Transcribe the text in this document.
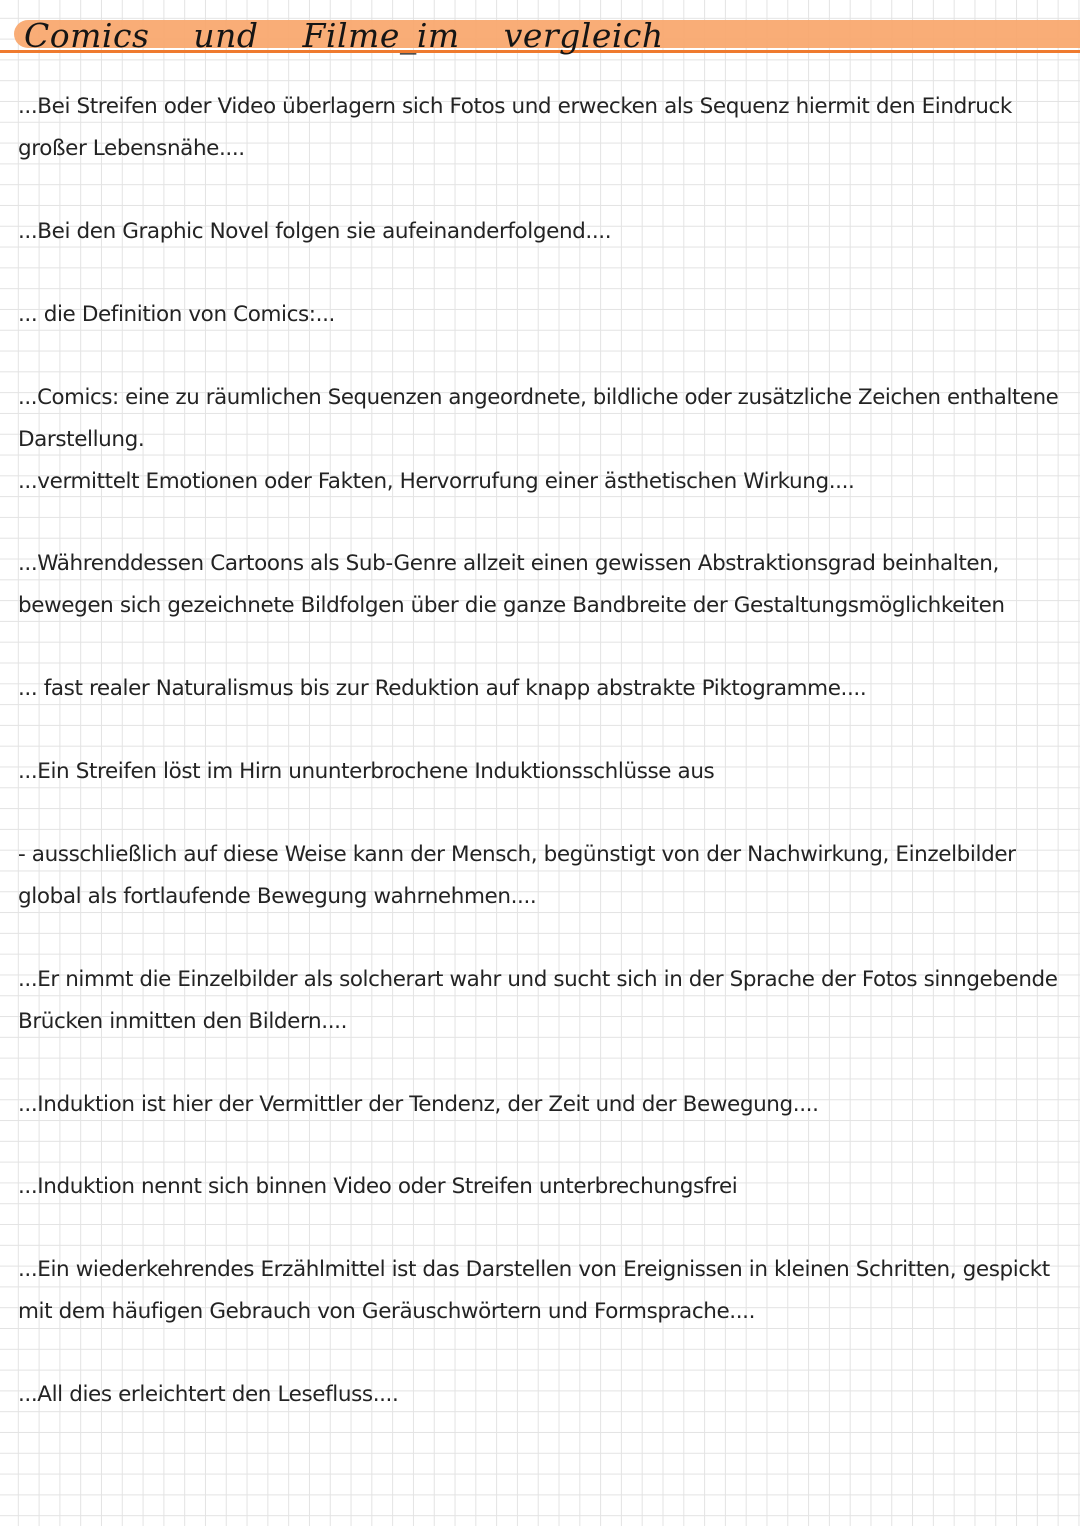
Comics und Filme_im vergleich

...Bei Streifen oder Video überlagern sich Fotos und erwecken als Sequenz hiermit den Eindruck
großer Lebensnähe....

...Bei den Graphic Novel folgen sie aufeinanderfolgend....

... die Definition von Comics:...

...Comics: eine zu räumlichen Sequenzen angeordnete, bildliche oder zusätzliche Zeichen enthaltene
Darstellung.
...vermittelt Emotionen oder Fakten, Hervorrufung einer ästhetischen Wirkung....

...Währenddessen Cartoons als Sub-Genre allzeit einen gewissen Abstraktionsgrad beinhalten,
bewegen sich gezeichnete Bildfolgen über die ganze Bandbreite der Gestaltungsmöglichkeiten

... fast realer Naturalismus bis zur Reduktion auf knapp abstrakte Piktogramme....

...Ein Streifen löst im Hirn ununterbrochene Induktionsschlüsse aus

- ausschließlich auf diese Weise kann der Mensch, begünstigt von der Nachwirkung, Einzelbilder
global als fortlaufende Bewegung wahrnehmen....

...Er nimmt die Einzelbilder als solcherart wahr und sucht sich in der Sprache der Fotos sinngebende
Brücken inmitten den Bildern....

...Induktion ist hier der Vermittler der Tendenz, der Zeit und der Bewegung....

...Induktion nennt sich binnen Video oder Streifen unterbrechungsfrei

...Ein wiederkehrendes Erzählmittel ist das Darstellen von Ereignissen in kleinen Schritten, gespickt
mit dem häufigen Gebrauch von Geräuschwörtern und Formsprache....

...All dies erleichtert den Lesefluss....
